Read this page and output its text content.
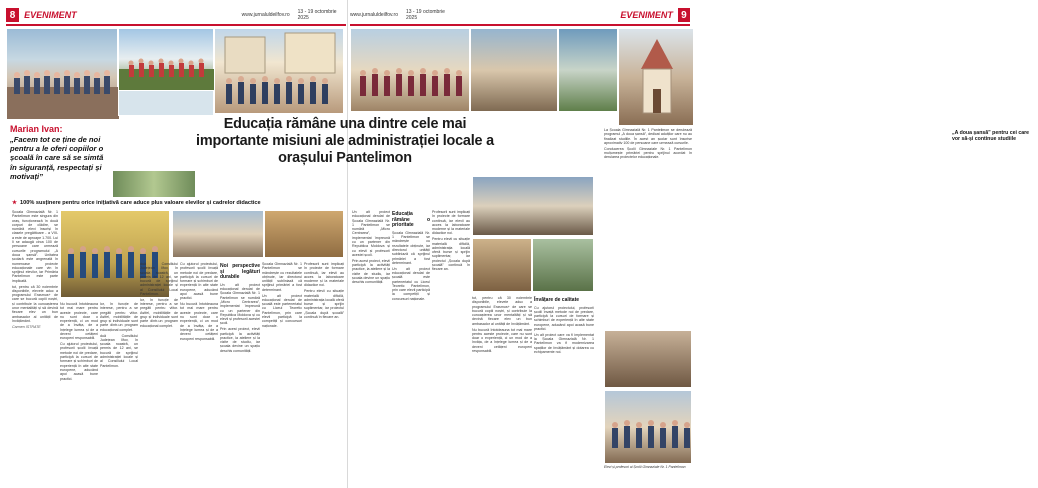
8 EVENIMENT	www.jurnaluldeilfov.ro 13 - 19 octombrie 2025
Marian Ivan:
„Facem tot ce ține de noi pentru a le oferi copiilor o școală în care să se simtă în siguranță, respectați și motivați”
★ 100% susținere pentru orice inițiativă care aduce plus valoare elevilor și cadrelor didactice

Școala Gimnazială Nr. 1 Pantelimon este singura din oraș, funcționează în două corpuri de clădire, se numără elevi înscriși în clasele pregătitoare - a VIII-a este de aproape 1.700. Lui îi se adaugă circa 100 de persoane care urmează cursurile programului „A doua șansă”. Unitatea școlară este angrenată în numeroase proiecte educaționale care vin în sprijinul elevilor, iar Primăria Pantelimon este parte implicată.

tut, pentru că 30 noiembrie disponibile, elevele aduc a programului Erasmus+ de care se bucură copiii noștri, și contribuie la cunoașterea unor mentalități și să devină fiecare elev un bun ambasador al unității de învățământ.

Carmen ISTRATE

Nu bucură întotdeauna tot mai mare pentru aceste proiecte, care nu sunt doar o experiență, ci un mod de a învăța, de a înțelege lumea și de a deveni cetățeni europeni responsabili.

Cu ajutorul proiectului, profesorii școlii învață metode noi de predare, participă la cursuri de formare și schimburi de experiență în alte state europene, aducând apoi acasă bune practici.

lor, în funcție de interese, pentru a se pregăti pentru viitor. Astfel, mobilitățile de grup și individuale sunt parte dintr-un program educațional complet.

duă Consiliului Județean Ilfov, în școala noastră, un permis de 12 ani, se bucură de sprijinul administrației locale și al Consiliului Local Pantelimon.

duă Consiliului Județean Ilfov, în școala noastră, un permis de 12 ani, se bucură de sprijinul administrației locale și al Consiliului Local Pantelimon.

lor, în funcție de interese, pentru a se pregăti pentru viitor. Astfel, mobilitățile de grup și individuale sunt parte dintr-un program educațional complet.

Cu ajutorul proiectului, profesorii școlii învață metode noi de predare, participă la cursuri de formare și schimburi de experiență în alte state europene, aducând apoi acasă bune practici.

Nu bucură întotdeauna tot mai mare pentru aceste proiecte, care nu sunt doar o experiență, ci un mod de a învăța, de a înțelege lumea și de a deveni cetățeni europeni responsabili.

Noi perspective și legături durabile

Un alt proiect educațional derulat de Școala Gimnazială Nr. 1 Pantelimon se numără „Micro Centrarea”, implementat împreună cu un partener din Republica Moldova și cu elevii și profesorii acestei școli.

Prin acest proiect, elevii participă la activități practice, la ateliere și la vizite de studiu, iar școala devine un spațiu deschis comunității.

Școala Gimnazială Nr. 1 Pantelimon se mândrește cu rezultatele obținute, iar directorul unității subliniază că sprijinul primăriei a fost determinant.

Un alt proiect educațional derulat de școală este parteneriatul cu Liceul Teoretic Pantelimon, prin care elevii participă la competiții și concursuri naționale.

Profesorii sunt implicați în proiecte de formare continuă, iar elevii au acces la laboratoare moderne și la materiale didactice noi.

Pentru elevii cu situație materială dificilă, administrația locală oferă burse și sprijin suplimentar, iar proiectul „Școala după școală” continuă în fiecare an.

www.jurnaluldeilfov.ro 13 - 19 octombrie 2025	EVENIMENT 9

La Școala Gimnazială Nr. 1 Pantelimon se derulează programul „A doua șansă”, dedicat adulților care nu au finalizat studiile. În acest an școlar sunt înscrise aproximativ 100 de persoane care urmează cursurile.

Conducerea Școlii Gimnaziale Nr. 1 Pantelimon mulțumește primăriei pentru sprijinul acordat în derularea proiectelor educaționale.

„A doua șansă” pentru cei care vor să-și continue studiile
Elevi și profesori ai Școlii Gimnaziale Nr. 1 Pantelimon

Un alt proiect educațional derulat de Școala Gimnazială Nr. 1 Pantelimon se numără „Micro Centrarea”, implementat împreună cu un partener din Republica Moldova și cu elevii și profesorii acestei școli.

Prin acest proiect, elevii participă la activități practice, la ateliere și la vizite de studiu, iar școala devine un spațiu deschis comunității.

Educația rămâne o prioritate

Școala Gimnazială Nr. 1 Pantelimon se mândrește cu rezultatele obținute, iar directorul unității subliniază că sprijinul primăriei a fost determinant.

Un alt proiect educațional derulat de școală este parteneriatul cu Liceul Teoretic Pantelimon, prin care elevii participă la competiții și concursuri naționale.

Profesorii sunt implicați în proiecte de formare continuă, iar elevii au acces la laboratoare moderne și la materiale didactice noi.

Pentru elevii cu situație materială dificilă, administrația locală oferă burse și sprijin suplimentar, iar proiectul „Școala după școală” continuă în fiecare an.

tut, pentru că 30 noiembrie disponibile, elevele aduc a programului Erasmus+ de care se bucură copiii noștri, și contribuie la cunoașterea unor mentalități și să devină fiecare elev un bun ambasador al unității de învățământ.

Nu bucură întotdeauna tot mai mare pentru aceste proiecte, care nu sunt doar o experiență, ci un mod de a învăța, de a înțelege lumea și de a deveni cetățeni europeni responsabili.

Învățare de calitate

Cu ajutorul proiectului, profesorii școlii învață metode noi de predare, participă la cursuri de formare și schimburi de experiență în alte state europene, aducând apoi acasă bune practici.

Un alt proiect care va fi implementat la Școala Gimnazială Nr. 1 Pantelimon va fi modernizarea spațiilor de învățământ și dotarea cu echipamente noi.

Educația rămâne una dintre cele mai importante misiuni ale administrației locale a orașului Pantelimon
